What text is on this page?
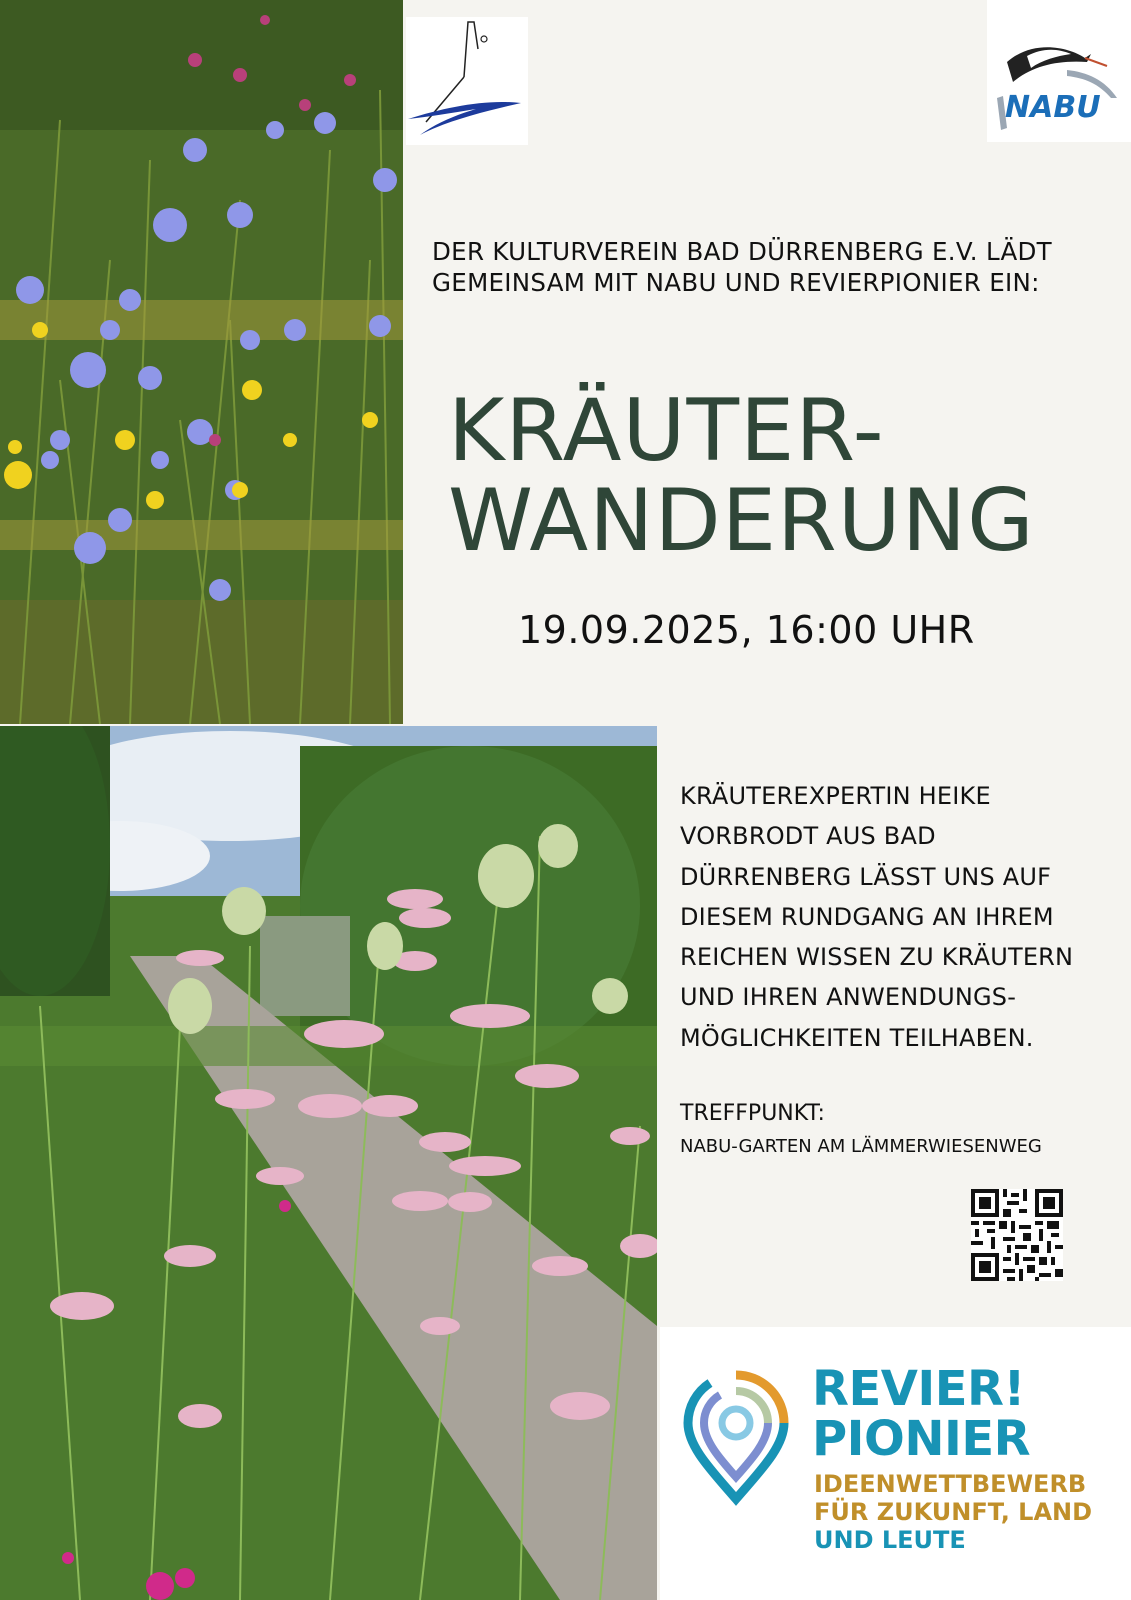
NABU
DER KULTURVEREIN BAD DÜRRENBERG E.V. LÄDT
GEMEINSAM MIT NABU UND REVIERPIONIER EIN:
KRÄUTER-
WANDERUNG
19.09.2025, 16:00 UHR
KRÄUTEREXPERTIN HEIKE
VORBRODT AUS BAD
DÜRRENBERG LÄSST UNS AUF
DIESEM RUNDGANG AN IHREM
REICHEN WISSEN ZU KRÄUTERN
UND IHREN ANWENDUNGS-
MÖGLICHKEITEN TEILHABEN.
TREFFPUNKT:
NABU-GARTEN AM LÄMMERWIESENWEG
REVIER!
PIONIER
IDEENWETTBEWERB
FÜR ZUKUNFT, LAND
UND LEUTE
